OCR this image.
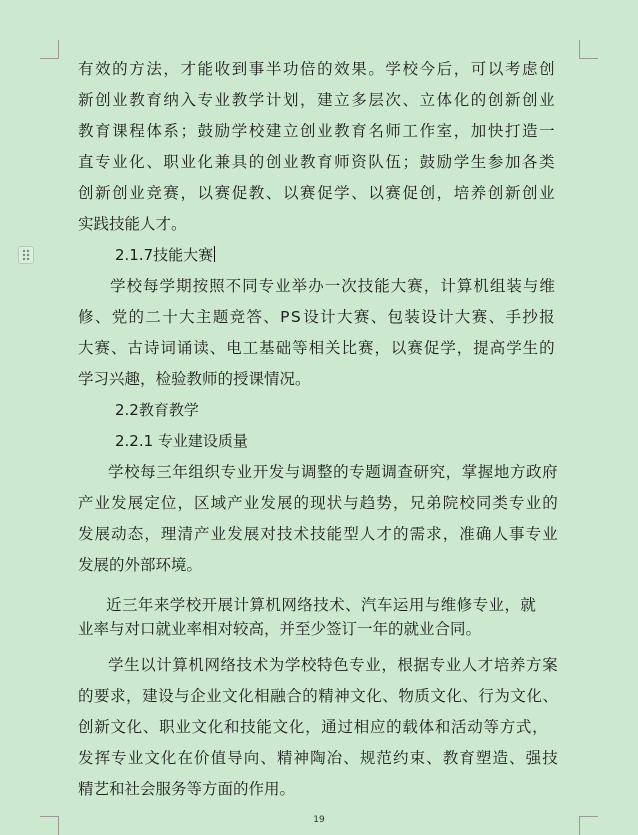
有 效 的 方 法 ， 才 能 收 到 事 半 功 倍 的 效 果 。 学 校 今 后 ， 可 以 考 虑 创
新 创 业 教 育 纳 入 专 业 教 学 计 划 ， 建 立 多 层 次 、 立 体 化 的 创 新 创 业
教 育 课 程 体 系 ； 鼓 励 学 校 建 立 创 业 教 育 名 师 工 作 室 ， 加 快 打 造 一
直 专 业 化 、 职 业 化 兼 具 的 创 业 教 育 师 资 队 伍 ； 鼓 励 学 生 参 加 各 类
创 新 创 业 竞 赛 ， 以 赛 促 教 、 以 赛 促 学 、 以 赛 促 创 ， 培 养 创 新 创 业
实践技能人才。
2.1.7技能大赛
学 校 每 学 期 按 照 不 同 专 业 举 办 一 次 技 能 大 赛 ， 计 算 机 组 装 与 维
修 、 党 的 二 十 大 主 题 竞 答 、 P S 设 计 大 赛 、 包 装 设 计 大 赛 、 手 抄 报
大 赛 、 古 诗 词 诵 读 、 电 工 基 础 等 相 关 比 赛 ， 以 赛 促 学 ， 提 高 学 生 的
学习兴趣，检验教师的授课情况。
2.2教育教学
2.2.1 专业建设质量
学 校 每 三 年 组 织 专 业 开 发 与 调 整 的 专 题 调 查 研 究 ， 掌 握 地 方 政 府
产 业 发 展 定 位 ， 区 域 产 业 发 展 的 现 状 与 趋 势 ， 兄 弟 院 校 同 类 专 业 的
发 展 动 态 ， 理 清 产 业 发 展 对 技 术 技 能 型 人 才 的 需 求 ， 准 确 人 事 专 业
发展的外部环境。
近 三 年 来 学 校 开 展 计 算 机 网 络 技 术 、 汽 车 运 用 与 维 修 专 业 ， 就
业率与对口就业率相对较高，并至少签订一年的就业合同。
学 生 以 计 算 机 网 络 技 术 为 学 校 特 色 专 业 ， 根 据 专 业 人 才 培 养 方 案
的 要 求 ， 建 设 与 企 业 文 化 相 融 合 的 精 神 文 化 、 物 质 文 化 、 行 为 文 化 、
创 新 文 化 、 职 业 文 化 和 技 能 文 化 ， 通 过 相 应 的 载 体 和 活 动 等 方 式 ，
发 挥 专 业 文 化 在 价 值 导 向 、 精 神 陶 冶 、 规 范 约 束 、 教 育 塑 造 、 强 技
精艺和社会服务等方面的作用。
19
